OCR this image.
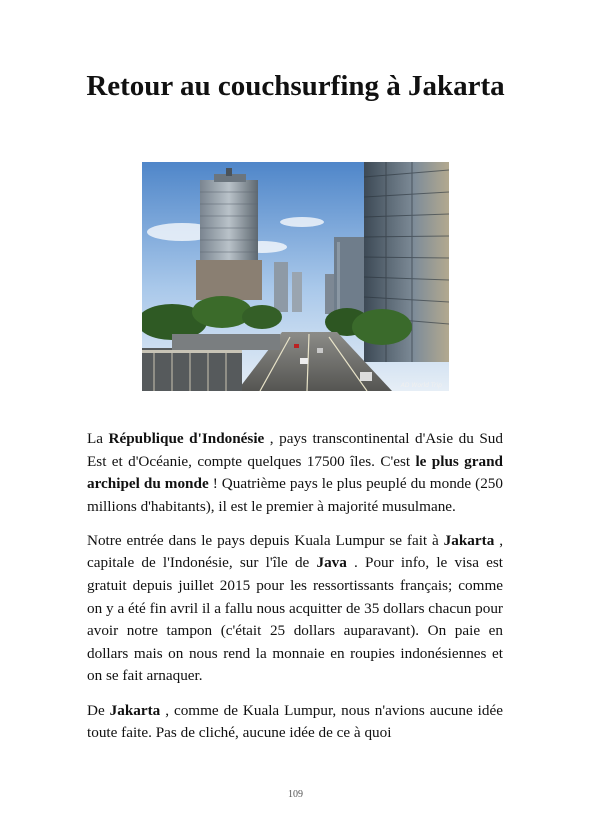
Retour au couchsurfing à Jakarta
AD World Trip

La République d'Indonésie , pays transcontinental d'Asie du Sud Est et d'Océanie, compte quelques 17500 îles. C'est le plus grand archipel du monde ! Quatrième pays le plus peuplé du monde (250 millions d'habitants), il est le premier à majorité musulmane.

Notre entrée dans le pays depuis Kuala Lumpur se fait à Jakarta , capitale de l'Indonésie, sur l'île de Java . Pour info, le visa est gratuit depuis juillet 2015 pour les ressortissants français; comme on y a été fin avril il a fallu nous acquitter de 35 dollars chacun pour avoir notre tampon (c'était 25 dollars auparavant). On paie en dollars mais on nous rend la monnaie en roupies indonésiennes et on se fait arnaquer.

De Jakarta , comme de Kuala Lumpur, nous n'avions aucune idée toute faite. Pas de cliché, aucune idée de ce à quoi

109
